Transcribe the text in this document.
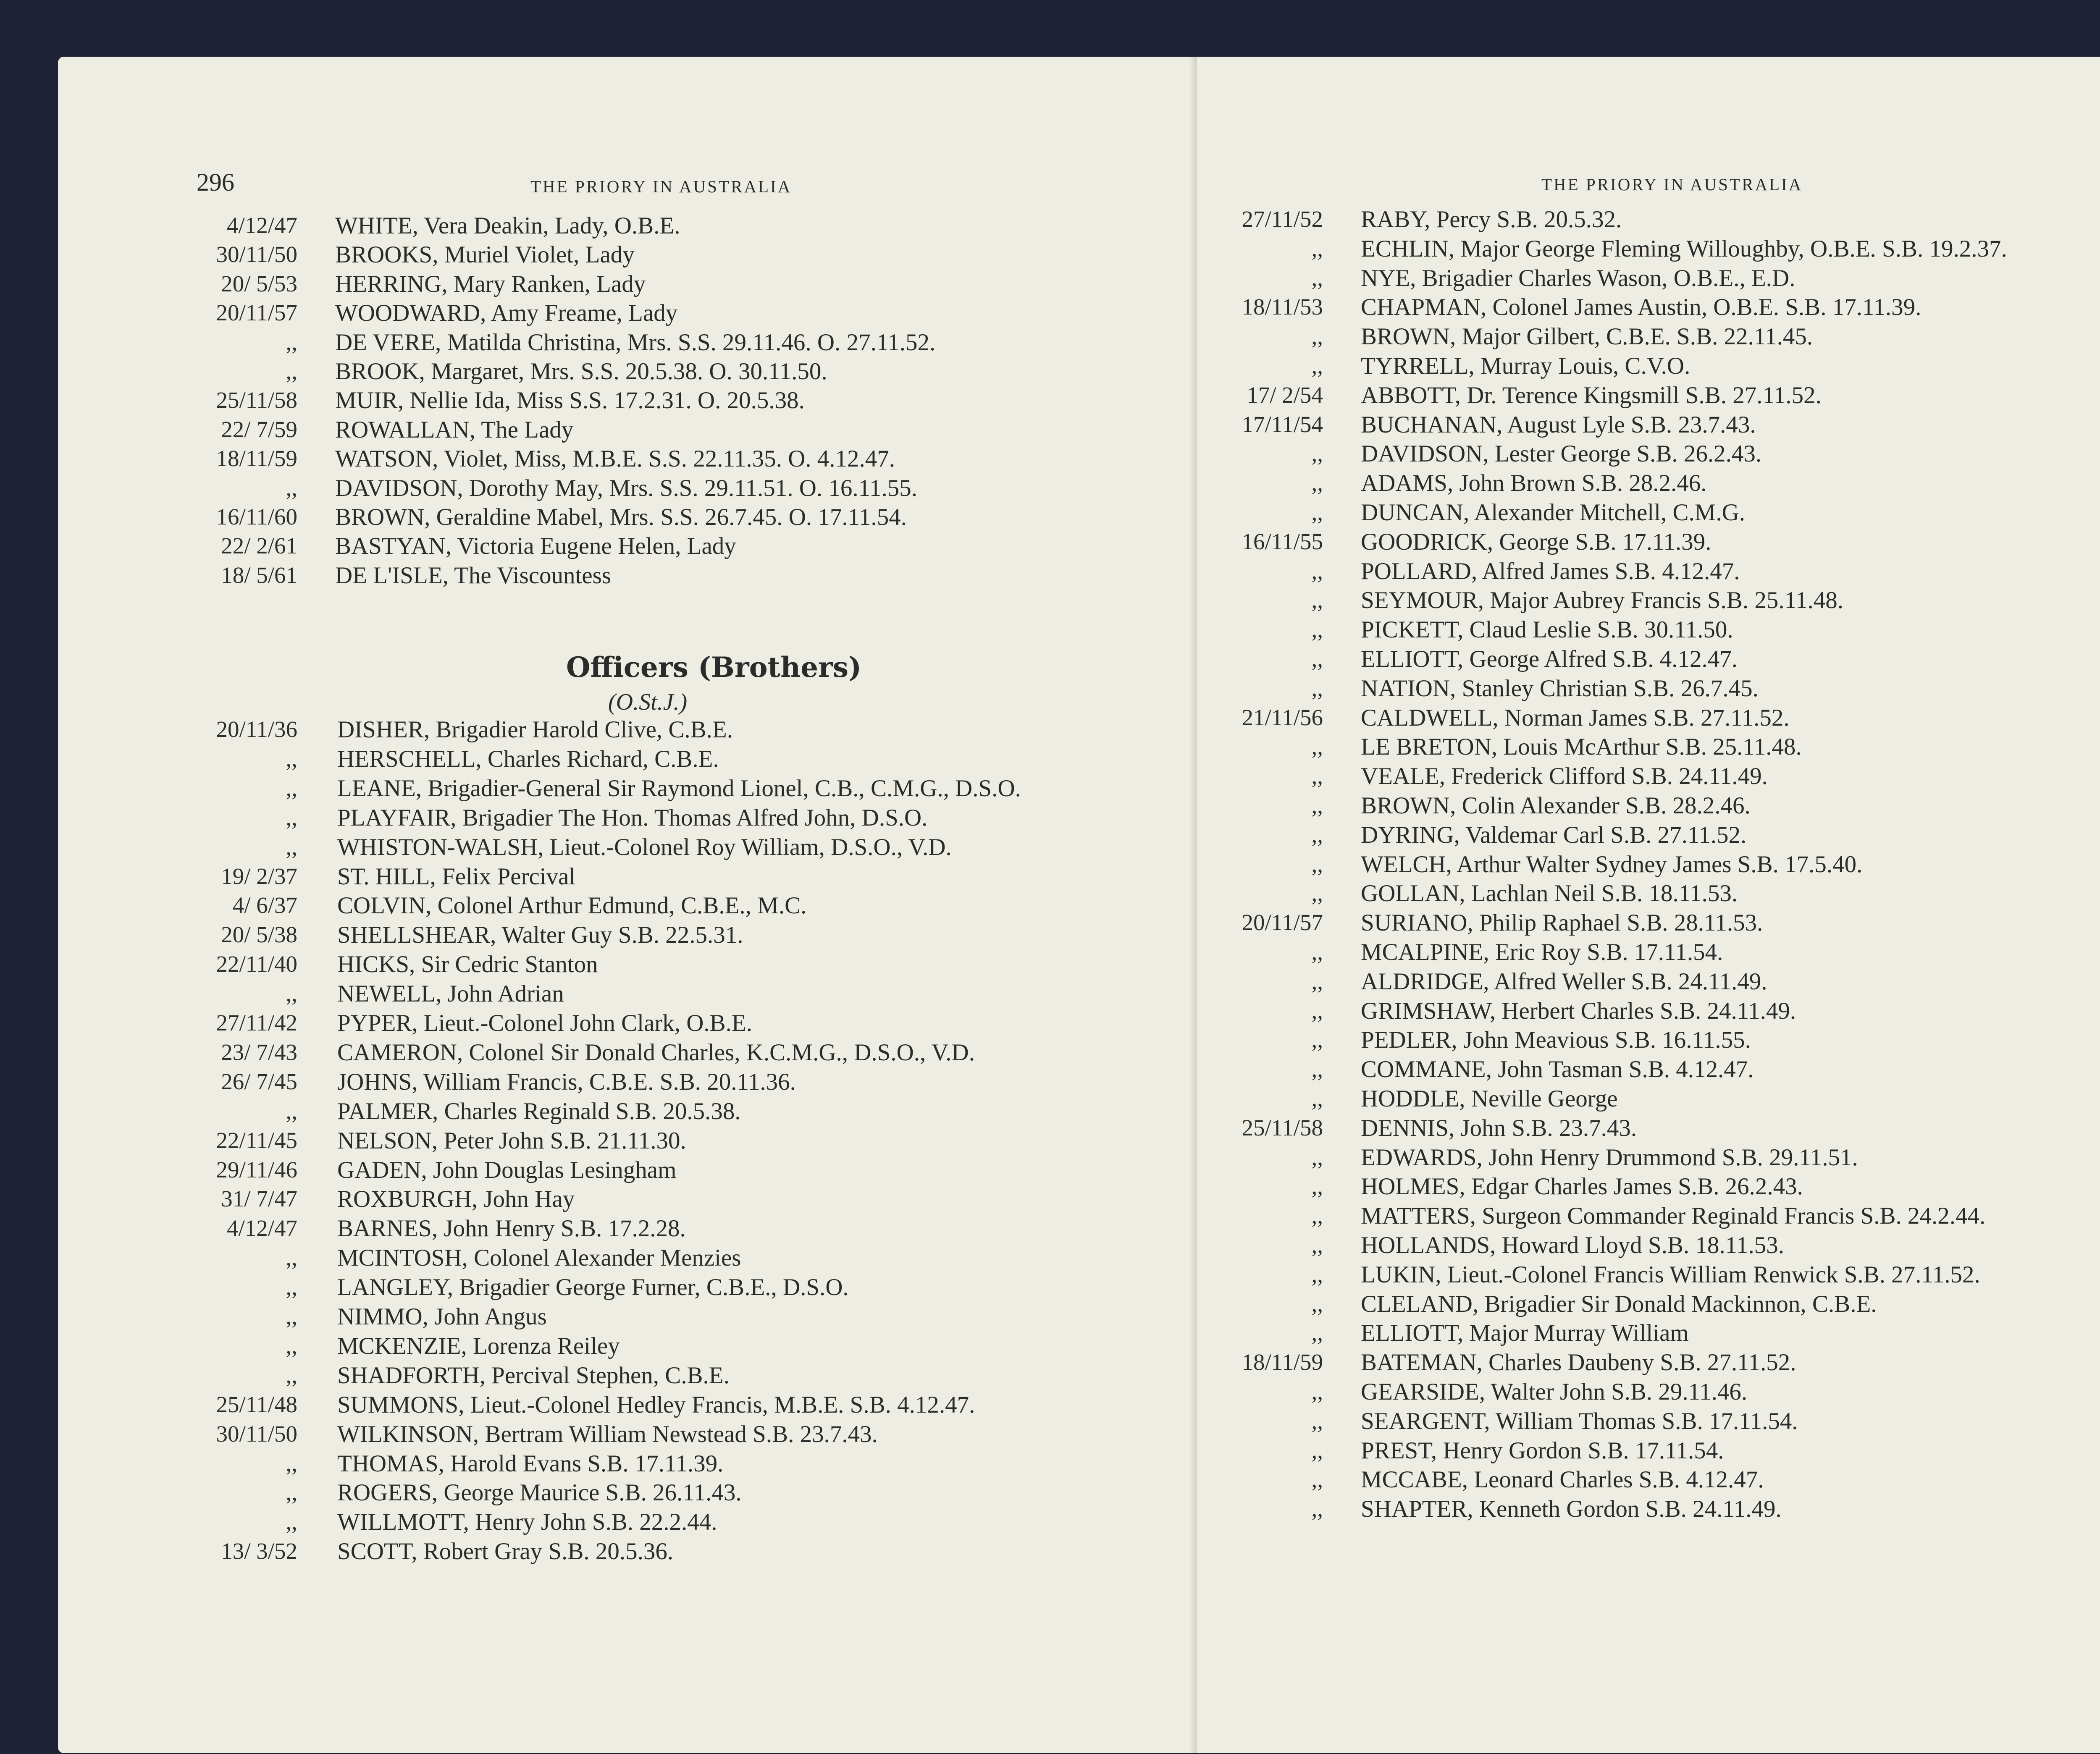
296	THE PRIORY IN AUSTRALIA
4/12/47 WHITE, Vera Deakin, Lady, O.B.E.
30/11/50 BROOKS, Muriel Violet, Lady
20/ 5/53 HERRING, Mary Ranken, Lady
20/11/57 WOODWARD, Amy Freame, Lady
,, DE VERE, Matilda Christina, Mrs. S.S. 29.11.46. O. 27.11.52.
,, BROOK, Margaret, Mrs. S.S. 20.5.38. O. 30.11.50.
25/11/58 MUIR, Nellie Ida, Miss S.S. 17.2.31. O. 20.5.38.
22/ 7/59 ROWALLAN, The Lady
18/11/59 WATSON, Violet, Miss, M.B.E. S.S. 22.11.35. O. 4.12.47.
,, DAVIDSON, Dorothy May, Mrs. S.S. 29.11.51. O. 16.11.55.
16/11/60 BROWN, Geraldine Mabel, Mrs. S.S. 26.7.45. O. 17.11.54.
22/ 2/61 BASTYAN, Victoria Eugene Helen, Lady
18/ 5/61 DE L'ISLE, The Viscountess
Officers (Brothers)
(O.St.J.)
20/11/36 DISHER, Brigadier Harold Clive, C.B.E.
,, HERSCHELL, Charles Richard, C.B.E.
,, LEANE, Brigadier-General Sir Raymond Lionel, C.B., C.M.G., D.S.O.
,, PLAYFAIR, Brigadier The Hon. Thomas Alfred John, D.S.O.
,, WHISTON-WALSH, Lieut.-Colonel Roy William, D.S.O., V.D.
19/ 2/37 ST. HILL, Felix Percival
4/ 6/37 COLVIN, Colonel Arthur Edmund, C.B.E., M.C.
20/ 5/38 SHELLSHEAR, Walter Guy S.B. 22.5.31.
22/11/40 HICKS, Sir Cedric Stanton
,, NEWELL, John Adrian
27/11/42 PYPER, Lieut.-Colonel John Clark, O.B.E.
23/ 7/43 CAMERON, Colonel Sir Donald Charles, K.C.M.G., D.S.O., V.D.
26/ 7/45 JOHNS, William Francis, C.B.E. S.B. 20.11.36.
,, PALMER, Charles Reginald S.B. 20.5.38.
22/11/45 NELSON, Peter John S.B. 21.11.30.
29/11/46 GADEN, John Douglas Lesingham
31/ 7/47 ROXBURGH, John Hay
4/12/47 BARNES, John Henry S.B. 17.2.28.
,, MCINTOSH, Colonel Alexander Menzies
,, LANGLEY, Brigadier George Furner, C.B.E., D.S.O.
,, NIMMO, John Angus
,, MCKENZIE, Lorenza Reiley
,, SHADFORTH, Percival Stephen, C.B.E.
25/11/48 SUMMONS, Lieut.-Colonel Hedley Francis, M.B.E. S.B. 4.12.47.
30/11/50 WILKINSON, Bertram William Newstead S.B. 23.7.43.
,, THOMAS, Harold Evans S.B. 17.11.39.
,, ROGERS, George Maurice S.B. 26.11.43.
,, WILLMOTT, Henry John S.B. 22.2.44.
13/ 3/52 SCOTT, Robert Gray S.B. 20.5.36.
THE PRIORY IN AUSTRALIA
27/11/52 RABY, Percy S.B. 20.5.32.
,, ECHLIN, Major George Fleming Willoughby, O.B.E. S.B. 19.2.37.
,, NYE, Brigadier Charles Wason, O.B.E., E.D.
18/11/53 CHAPMAN, Colonel James Austin, O.B.E. S.B. 17.11.39.
,, BROWN, Major Gilbert, C.B.E. S.B. 22.11.45.
,, TYRRELL, Murray Louis, C.V.O.
17/ 2/54 ABBOTT, Dr. Terence Kingsmill S.B. 27.11.52.
17/11/54 BUCHANAN, August Lyle S.B. 23.7.43.
,, DAVIDSON, Lester George S.B. 26.2.43.
,, ADAMS, John Brown S.B. 28.2.46.
,, DUNCAN, Alexander Mitchell, C.M.G.
16/11/55 GOODRICK, George S.B. 17.11.39.
,, POLLARD, Alfred James S.B. 4.12.47.
,, SEYMOUR, Major Aubrey Francis S.B. 25.11.48.
,, PICKETT, Claud Leslie S.B. 30.11.50.
,, ELLIOTT, George Alfred S.B. 4.12.47.
,, NATION, Stanley Christian S.B. 26.7.45.
21/11/56 CALDWELL, Norman James S.B. 27.11.52.
,, LE BRETON, Louis McArthur S.B. 25.11.48.
,, VEALE, Frederick Clifford S.B. 24.11.49.
,, BROWN, Colin Alexander S.B. 28.2.46.
,, DYRING, Valdemar Carl S.B. 27.11.52.
,, WELCH, Arthur Walter Sydney James S.B. 17.5.40.
,, GOLLAN, Lachlan Neil S.B. 18.11.53.
20/11/57 SURIANO, Philip Raphael S.B. 28.11.53.
,, MCALPINE, Eric Roy S.B. 17.11.54.
,, ALDRIDGE, Alfred Weller S.B. 24.11.49.
,, GRIMSHAW, Herbert Charles S.B. 24.11.49.
,, PEDLER, John Meavious S.B. 16.11.55.
,, COMMANE, John Tasman S.B. 4.12.47.
,, HODDLE, Neville George
25/11/58 DENNIS, John S.B. 23.7.43.
,, EDWARDS, John Henry Drummond S.B. 29.11.51.
,, HOLMES, Edgar Charles James S.B. 26.2.43.
,, MATTERS, Surgeon Commander Reginald Francis S.B. 24.2.44.
,, HOLLANDS, Howard Lloyd S.B. 18.11.53.
,, LUKIN, Lieut.-Colonel Francis William Renwick S.B. 27.11.52.
,, CLELAND, Brigadier Sir Donald Mackinnon, C.B.E.
,, ELLIOTT, Major Murray William
18/11/59 BATEMAN, Charles Daubeny S.B. 27.11.52.
,, GEARSIDE, Walter John S.B. 29.11.46.
,, SEARGENT, William Thomas S.B. 17.11.54.
,, PREST, Henry Gordon S.B. 17.11.54.
,, MCCABE, Leonard Charles S.B. 4.12.47.
,, SHAPTER, Kenneth Gordon S.B. 24.11.49.
